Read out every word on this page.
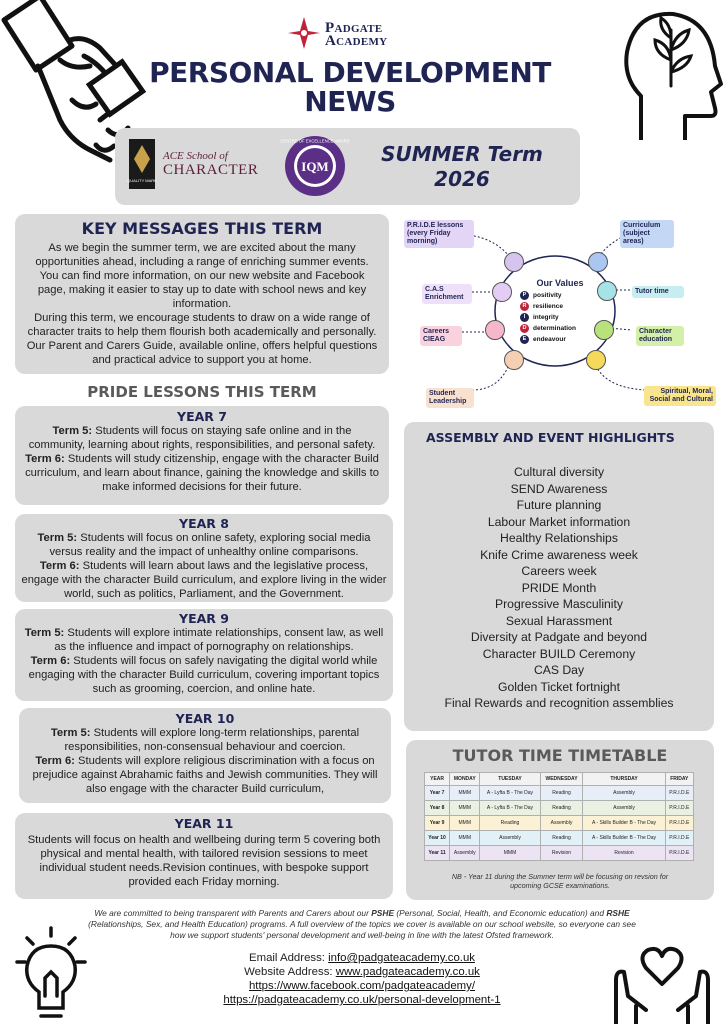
Padgate
Academy
PERSONAL DEVELOPMENT
NEWS
QUALITY MARK
ACE School of
CHARACTER	IQM
CENTRE OF EXCELLENCE AWARD
SUMMER Term
2026
KEY MESSAGES THIS TERM
As we begin the summer term, we are excited about the many opportunities ahead, including a range of enriching summer events. You can find more information, on our new website and Facebook page, making it easier to stay up to date with school news and key information.
During this term, we encourage students to draw on a wide range of character traits to help them flourish both academically and personally. Our Parent and Carers Guide, available online, offers helpful questions and practical advice to support you at home.
Our Values
P	positivity
R	resilience
I	integrity
D	determination
E	endeavour
P.R.I.D.E lessons (every Friday morning)
Curriculum (subject areas)
C.A.S Enrichment
Tutor time
Careers CIEAG
Character education
Student Leadership
Spiritual, Moral, Social and Cultural
PRIDE LESSONS THIS TERM
YEAR 7
Term 5: Students will focus on staying safe online and in the community, learning about rights, responsibilities, and personal safety.
Term 6: Students will study citizenship, engage with the character Build curriculum, and learn about finance, gaining the knowledge and skills to make informed decisions for their future.
YEAR 8
Term 5: Students will focus on online safety, exploring social media versus reality and the impact of unhealthy online comparisons.
Term 6: Students will learn about laws and the legislative process, engage with the character Build curriculum, and explore living in the wider world, such as politics, Parliament, and the Government.
YEAR 9
Term 5: Students will explore intimate relationships, consent law, as well as the influence and impact of pornography on relationships.
Term 6: Students will focus on safely navigating the digital world while engaging with the character Build curriculum, covering important topics such as grooming, coercion, and online hate.
YEAR 10
Term 5: Students will explore long-term relationships, parental responsibilities, non-consensual behaviour and coercion.
Term 6: Students will explore religious discrimination with a focus on prejudice against Abrahamic faiths and Jewish communities. They will also engage with the character Build curriculum,
YEAR 11
Students will focus on health and wellbeing during term 5 covering both physical and mental health, with tailored revision sessions to meet individual student needs.Revision continues, with bespoke support provided each Friday morning.
ASSEMBLY AND EVENT HIGHLIGHTS
Cultural diversity
SEND Awareness
Future planning
Labour Market information
Healthy Relationships
Knife Crime awareness week
Careers week
PRIDE Month
Progressive Masculinity
Sexual Harassment
Diversity at Padgate and beyond
Character BUILD Ceremony
CAS Day
Golden Ticket fortnight
Final Rewards and recognition assemblies
TUTOR TIME TIMETABLE
YEAR	MONDAY	TUESDAY	WEDNESDAY	THURSDAY	FRIDAY
Year 7	MMM	A - Lyfta B - The Day	Reading	Assembly	P.R.I.D.E
Year 8	MMM	A - Lyfta B - The Day	Reading	Assembly	P.R.I.D.E
Year 9	MMM	Reading	Assembly	A - Skills Builder B - The Day	P.R.I.D.E
Year 10	MMM	Assembly	Reading	A - Skills Builder B - The Day	P.R.I.D.E
Year 11	Assembly	MMM	Revision	Revision	P.R.I.D.E
NB - Year 11 during the Summer term will be focusing on revsion for upcoming GCSE examinations.
We are committed to being transparent with Parents and Carers about our PSHE (Personal, Social, Health, and Economic education) and RSHE (Relationships, Sex, and Health Education) programs. A full overview of the topics we cover is available on our school website, so everyone can see how we support students' personal development and well-being in line with the latest Ofsted framework.
Email Address: info@padgateacademy.co.uk
Website Address: www.padgateacademy.co.uk
https://www.facebook.com/padgateacademy/
https://padgateacademy.co.uk/personal-development-1
